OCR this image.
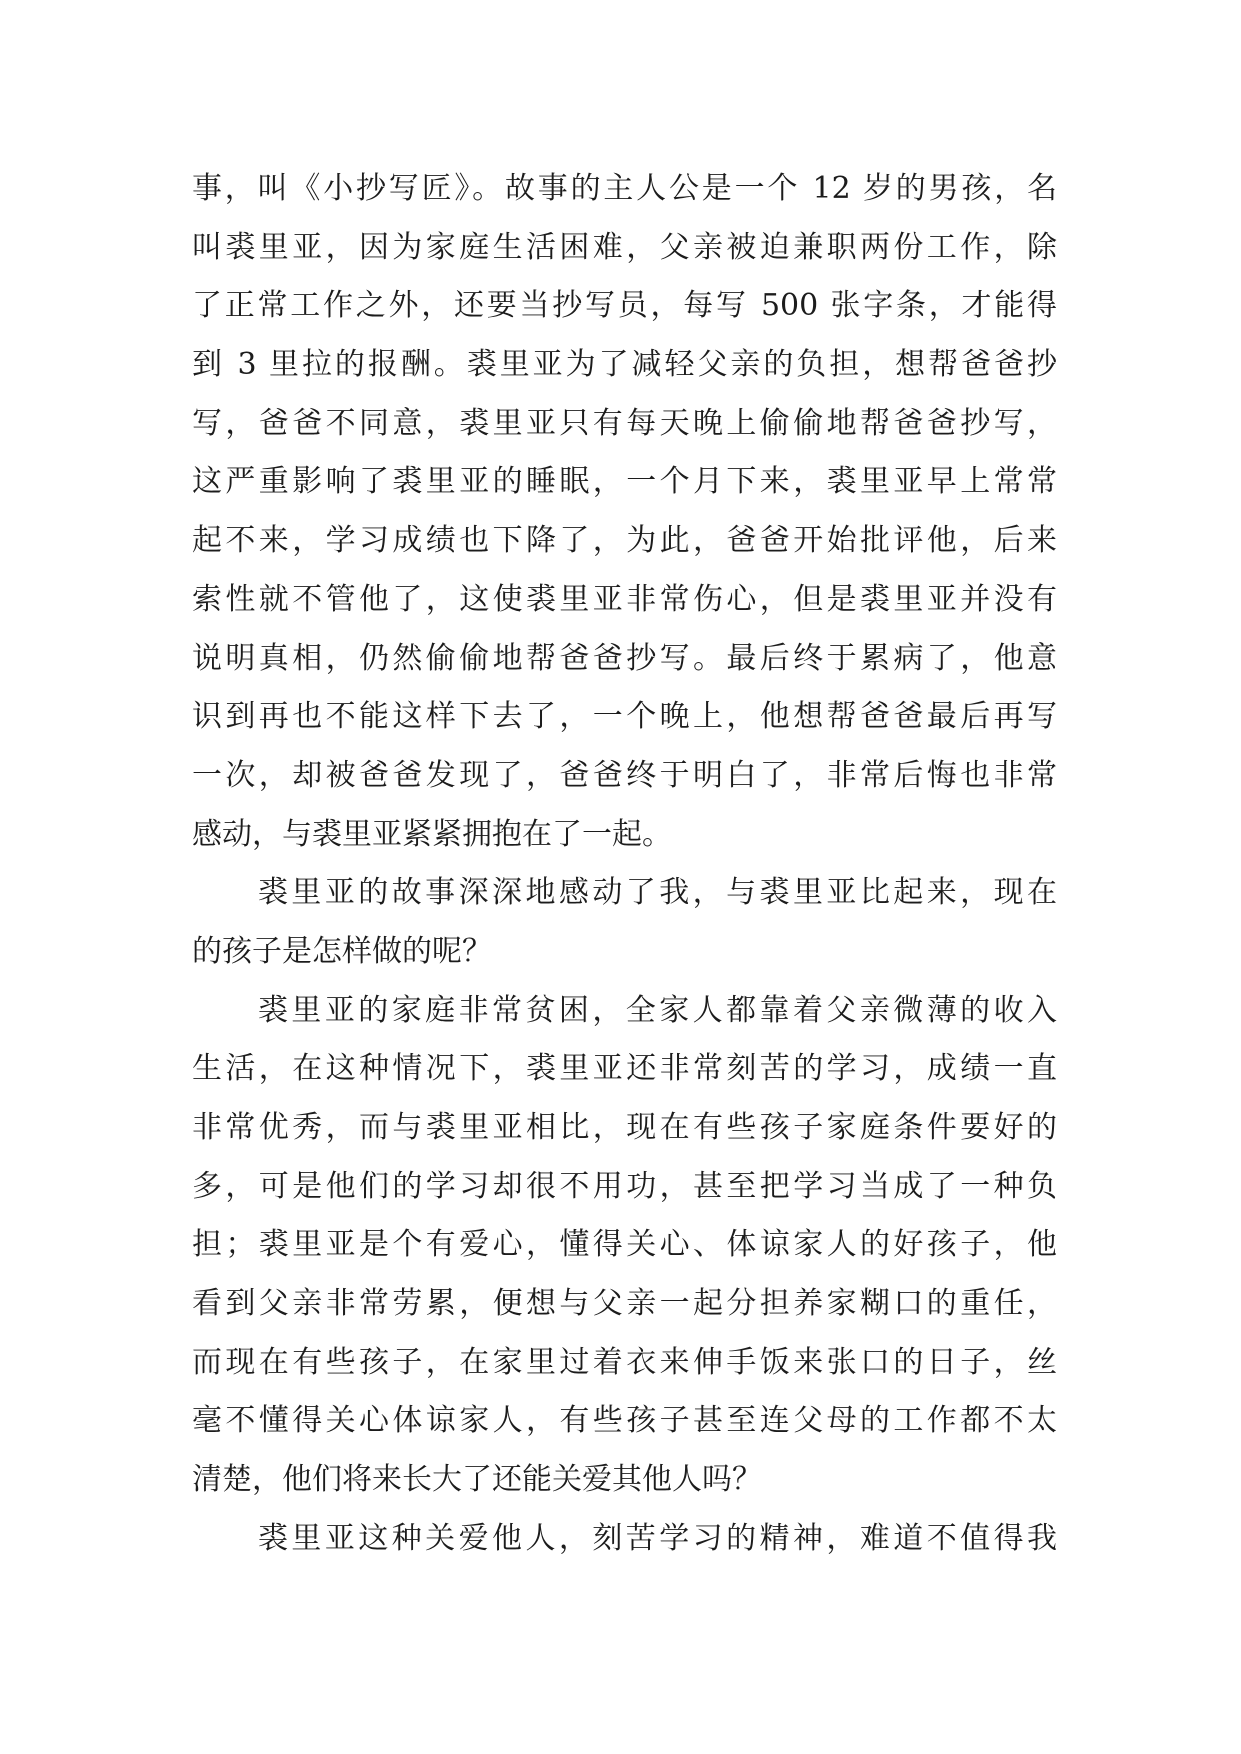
事，叫《小抄写匠》。故事的主人公是一个 12 岁的男孩，名
叫裘里亚，因为家庭生活困难，父亲被迫兼职两份工作，除
了正常工作之外，还要当抄写员，每写 500 张字条，才能得
到 3 里拉的报酬。裘里亚为了减轻父亲的负担，想帮爸爸抄
写，爸爸不同意，裘里亚只有每天晚上偷偷地帮爸爸抄写，
这严重影响了裘里亚的睡眠，一个月下来，裘里亚早上常常
起不来，学习成绩也下降了，为此，爸爸开始批评他，后来
索性就不管他了，这使裘里亚非常伤心，但是裘里亚并没有
说明真相，仍然偷偷地帮爸爸抄写。最后终于累病了，他意
识到再也不能这样下去了，一个晚上，他想帮爸爸最后再写
一次，却被爸爸发现了，爸爸终于明白了，非常后悔也非常
感动，与裘里亚紧紧拥抱在了一起。
裘里亚的故事深深地感动了我，与裘里亚比起来，现在
的孩子是怎样做的呢？
裘里亚的家庭非常贫困，全家人都靠着父亲微薄的收入
生活，在这种情况下，裘里亚还非常刻苦的学习，成绩一直
非常优秀，而与裘里亚相比，现在有些孩子家庭条件要好的
多，可是他们的学习却很不用功，甚至把学习当成了一种负
担；裘里亚是个有爱心，懂得关心、体谅家人的好孩子，他
看到父亲非常劳累，便想与父亲一起分担养家糊口的重任，
而现在有些孩子，在家里过着衣来伸手饭来张口的日子，丝
毫不懂得关心体谅家人，有些孩子甚至连父母的工作都不太
清楚，他们将来长大了还能关爱其他人吗？
裘里亚这种关爱他人，刻苦学习的精神，难道不值得我
